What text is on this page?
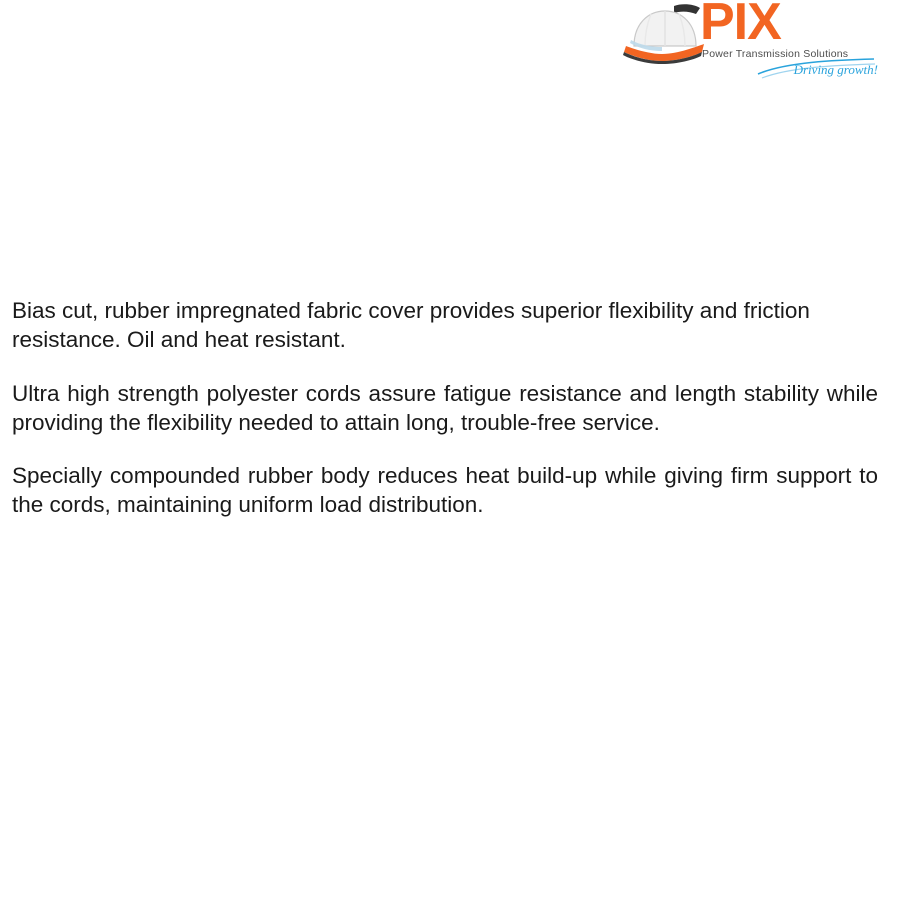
PIX
Power Transmission Solutions
Driving growth!

Bias cut, rubber impregnated fabric cover provides superior flexibility and friction resistance. Oil and heat resistant.

Ultra high strength polyester cords assure fatigue resistance and length stability while providing the flexibility needed to attain long, trouble-free service.

Specially compounded rubber body reduces heat build-up while giving firm support to the cords, maintaining uniform load distribution.
